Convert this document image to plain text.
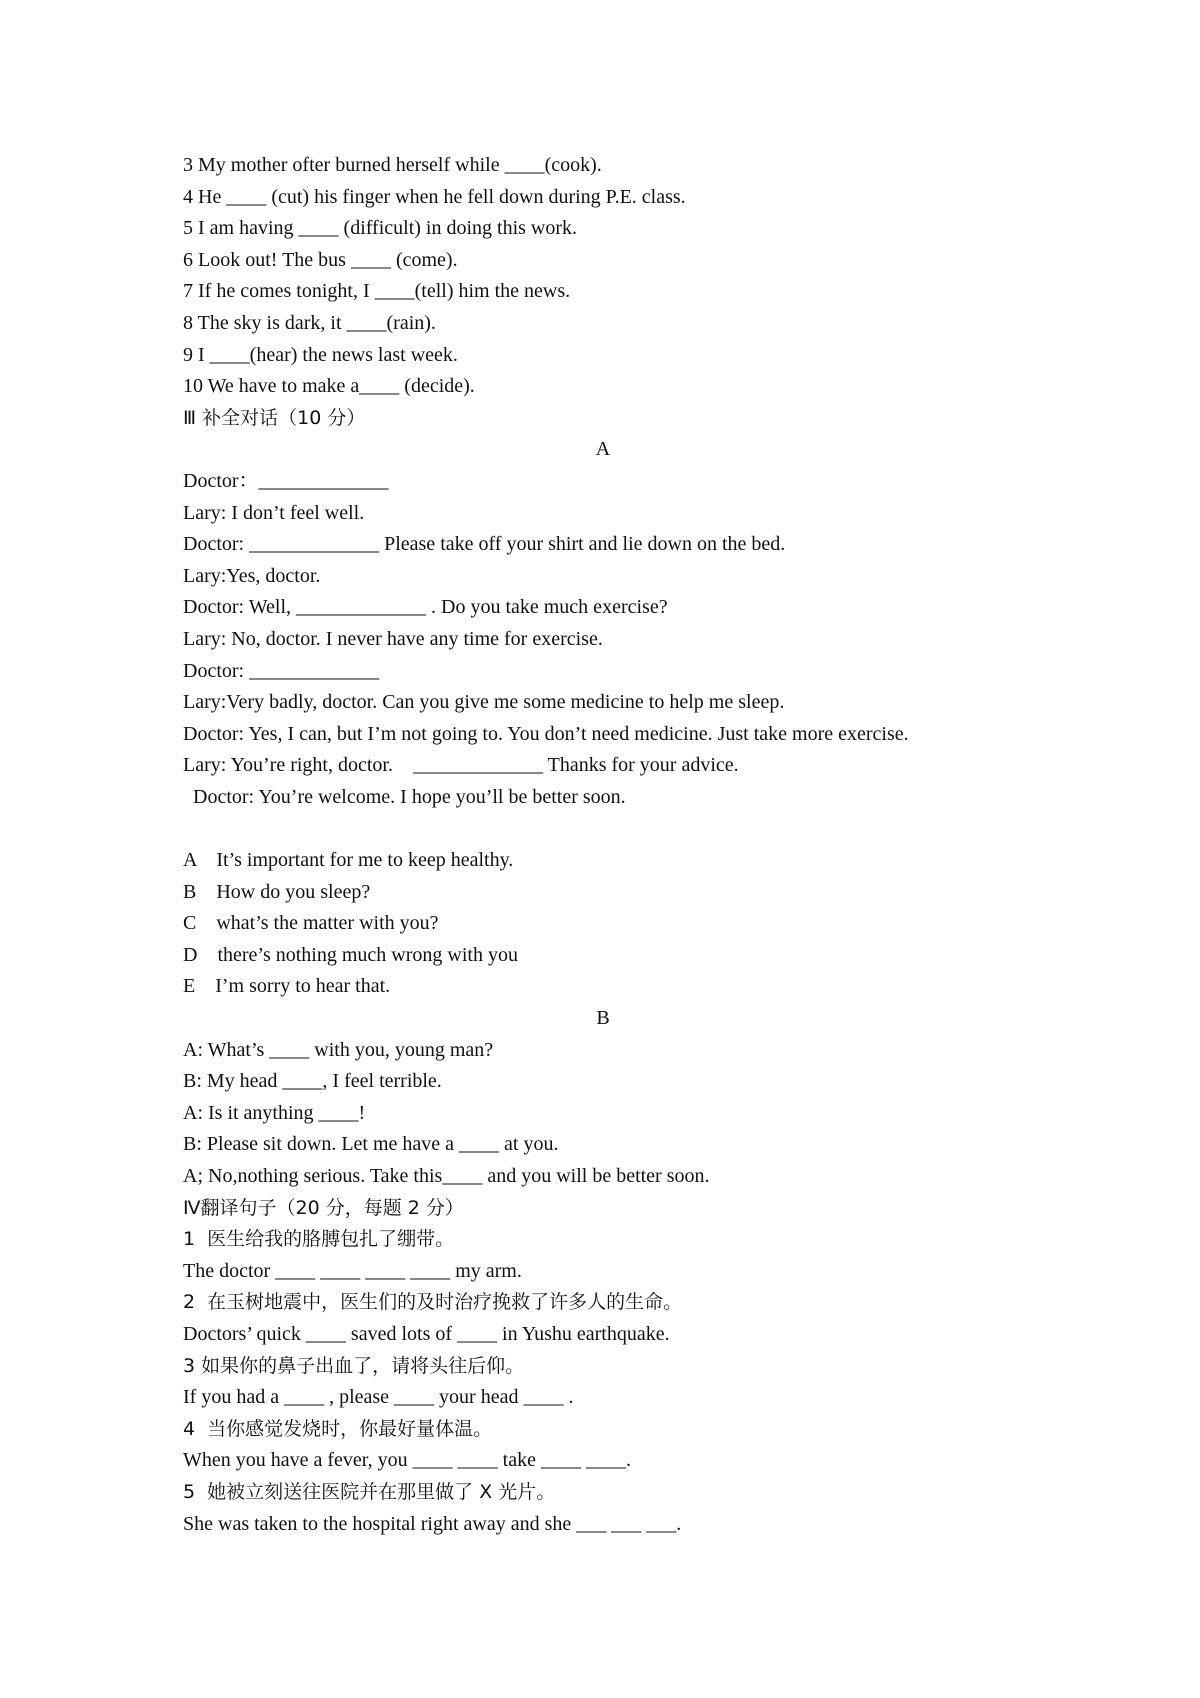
3 My mother ofter burned herself while ____(cook).
4 He ____ (cut) his finger when he fell down during P.E. class.
5 I am having ____ (difficult) in doing this work.
6 Look out! The bus ____ (come).
7 If he comes tonight, I ____(tell) him the news.
8 The sky is dark, it ____(rain).
9 I ____(hear) the news last week.
10 We have to make a____ (decide).
Ⅲ 补全对话（10 分）
A
Doctor：_____________
Lary: I don’t feel well.
Doctor: _____________ Please take off your shirt and lie down on the bed.
Lary:Yes, doctor.
Doctor: Well, _____________ . Do you take much exercise?
Lary: No, doctor. I never have any time for exercise.
Doctor: _____________
Lary:Very badly, doctor. Can you give me some medicine to help me sleep.
Doctor: Yes, I can, but I’m not going to. You don’t need medicine. Just take more exercise.
Lary: You’re right, doctor.    _____________ Thanks for your advice.
Doctor: You’re welcome. I hope you’ll be better soon.
A    It’s important for me to keep healthy.
B    How do you sleep?
C    what’s the matter with you?
D    there’s nothing much wrong with you
E    I’m sorry to hear that.
B
A: What’s ____ with you, young man?
B: My head ____, I feel terrible.
A: Is it anything ____!
B: Please sit down. Let me have a ____ at you.
A; No,nothing serious. Take this____ and you will be better soon.
Ⅳ翻译句子（20 分，每题 2 分）
1  医生给我的胳膊包扎了绷带。
The doctor ____ ____ ____ ____ my arm.
2  在玉树地震中，医生们的及时治疗挽救了许多人的生命。
Doctors’ quick ____ saved lots of ____ in Yushu earthquake.
3 如果你的鼻子出血了，请将头往后仰。
If you had a ____ , please ____ your head ____ .
4  当你感觉发烧时，你最好量体温。
When you have a fever, you ____ ____ take ____ ____.
5  她被立刻送往医院并在那里做了 X 光片。
She was taken to the hospital right away and she ___ ___ ___.
